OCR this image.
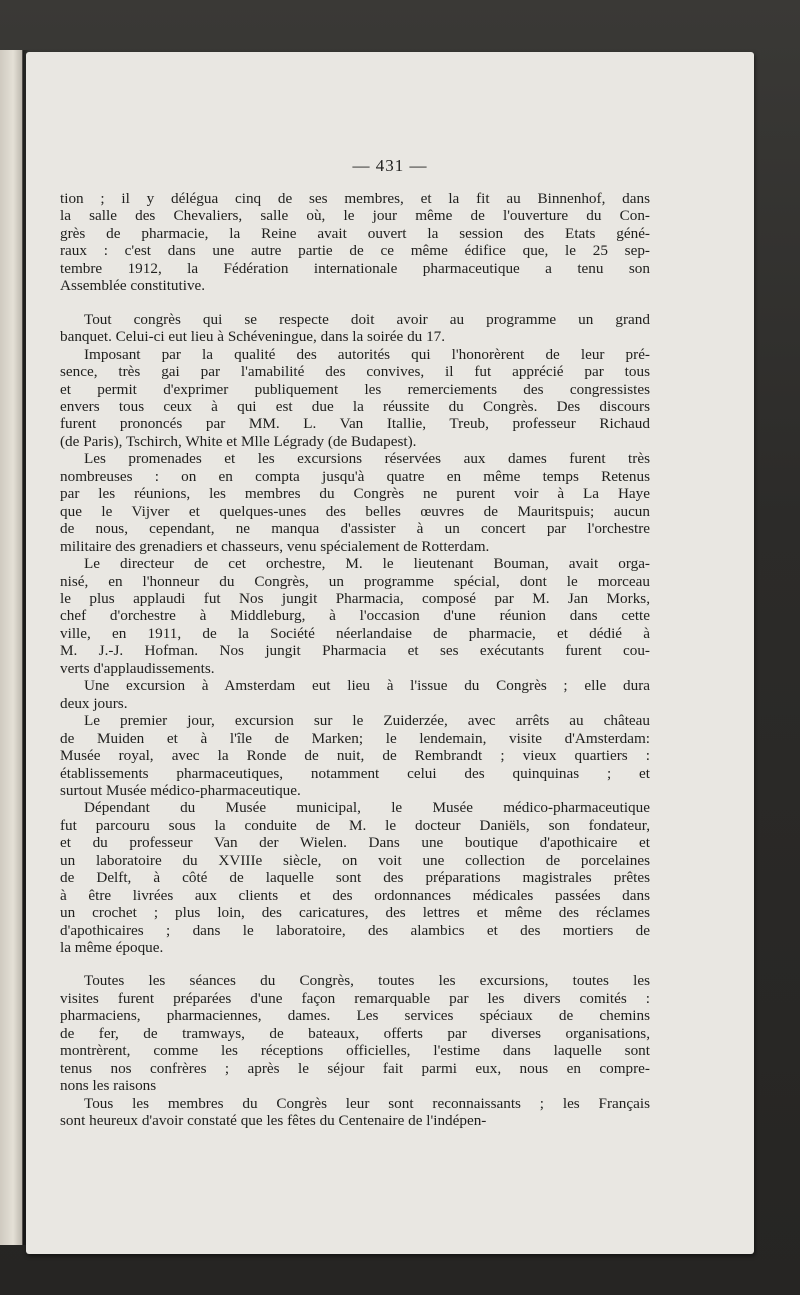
— 431 —

tion ; il y délégua cinq de ses membres, et la fit au Binnenhof, dans
la salle des Chevaliers, salle où, le jour même de l'ouverture du Con-
grès de pharmacie, la Reine avait ouvert la session des Etats géné-
raux : c'est dans une autre partie de ce même édifice que, le 25 sep-
tembre 1912, la Fédération internationale pharmaceutique a tenu son
Assemblée constitutive.

Tout congrès qui se respecte doit avoir au programme un grand
banquet. Celui-ci eut lieu à Schéveningue, dans la soirée du 17.

Imposant par la qualité des autorités qui l'honorèrent de leur pré-
sence, très gai par l'amabilité des convives, il fut apprécié par tous
et permit d'exprimer publiquement les remerciements des congressistes
envers tous ceux à qui est due la réussite du Congrès. Des discours
furent prononcés par MM. L. Van Itallie, Treub, professeur Richaud
(de Paris), Tschirch, White et Mlle Légrady (de Budapest).

Les promenades et les excursions réservées aux dames furent très
nombreuses : on en compta jusqu'à quatre en même temps Retenus
par les réunions, les membres du Congrès ne purent voir à La Haye
que le Vijver et quelques-unes des belles œuvres de Mauritspuis; aucun
de nous, cependant, ne manqua d'assister à un concert par l'orchestre
militaire des grenadiers et chasseurs, venu spécialement de Rotterdam.

Le directeur de cet orchestre, M. le lieutenant Bouman, avait orga-
nisé, en l'honneur du Congrès, un programme spécial, dont le morceau
le plus applaudi fut Nos jungit Pharmacia, composé par M. Jan Morks,
chef d'orchestre à Middleburg, à l'occasion d'une réunion dans cette
ville, en 1911, de la Société néerlandaise de pharmacie, et dédié à
M. J.-J. Hofman. Nos jungit Pharmacia et ses exécutants furent cou-
verts d'applaudissements.

Une excursion à Amsterdam eut lieu à l'issue du Congrès ; elle dura
deux jours.

Le premier jour, excursion sur le Zuiderzée, avec arrêts au château
de Muiden et à l'île de Marken; le lendemain, visite d'Amsterdam:
Musée royal, avec la Ronde de nuit, de Rembrandt ; vieux quartiers :
établissements pharmaceutiques, notamment celui des quinquinas ; et
surtout Musée médico-pharmaceutique.

Dépendant du Musée municipal, le Musée médico-pharmaceutique
fut parcouru sous la conduite de M. le docteur Daniëls, son fondateur,
et du professeur Van der Wielen. Dans une boutique d'apothicaire et
un laboratoire du XVIIIe siècle, on voit une collection de porcelaines
de Delft, à côté de laquelle sont des préparations magistrales prêtes
à être livrées aux clients et des ordonnances médicales passées dans
un crochet ; plus loin, des caricatures, des lettres et même des réclames
d'apothicaires ; dans le laboratoire, des alambics et des mortiers de
la même époque.

Toutes les séances du Congrès, toutes les excursions, toutes les
visites furent préparées d'une façon remarquable par les divers comités :
pharmaciens, pharmaciennes, dames. Les services spéciaux de chemins
de fer, de tramways, de bateaux, offerts par diverses organisations,
montrèrent, comme les réceptions officielles, l'estime dans laquelle sont
tenus nos confrères ; après le séjour fait parmi eux, nous en compre-
nons les raisons

Tous les membres du Congrès leur sont reconnaissants ; les Français
sont heureux d'avoir constaté que les fêtes du Centenaire de l'indépen-
